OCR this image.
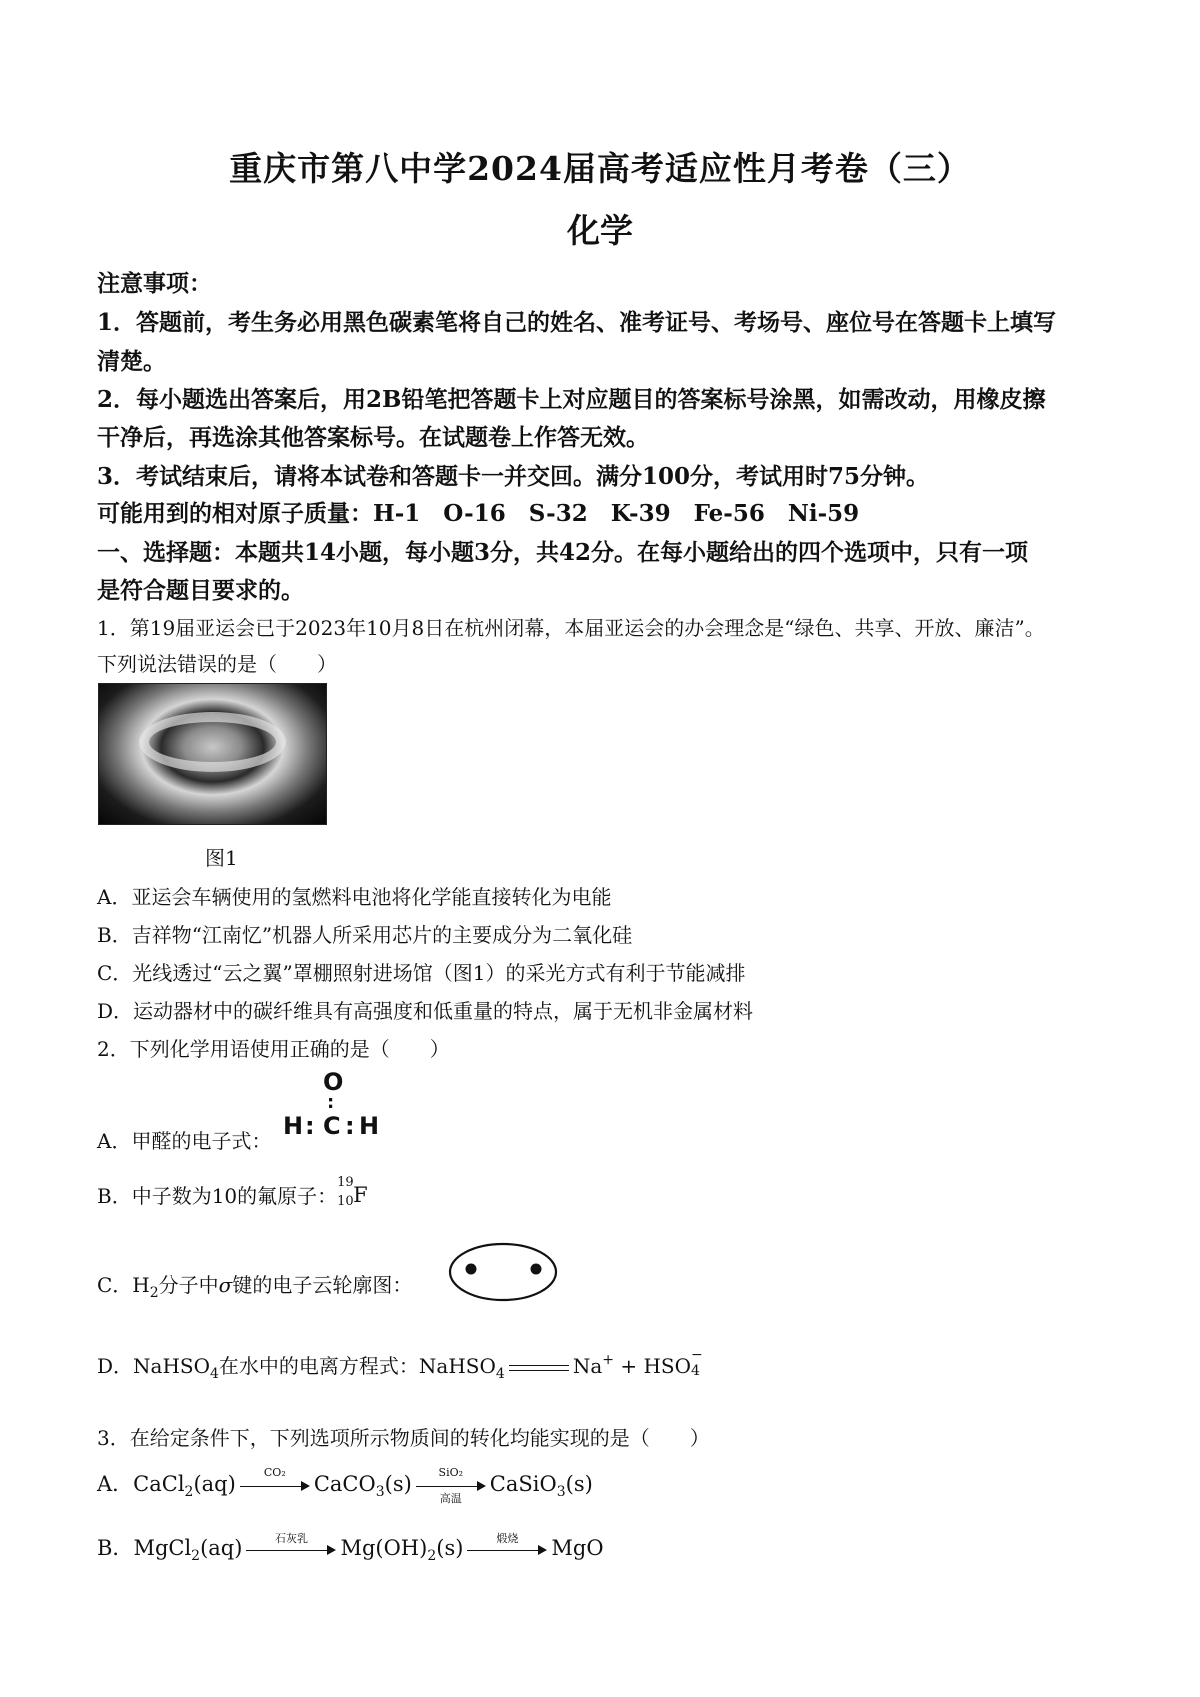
重庆市第八中学2024届高考适应性月考卷（三）
化学
注意事项：
1．答题前，考生务必用黑色碳素笔将自己的姓名、准考证号、考场号、座位号在答题卡上填写
清楚。
2．每小题选出答案后，用2B铅笔把答题卡上对应题目的答案标号涂黑，如需改动，用橡皮擦
干净后，再选涂其他答案标号。在试题卷上作答无效。
3．考试结束后，请将本试卷和答题卡一并交回。满分100分，考试用时75分钟。
可能用到的相对原子质量：H-1　O-16　S-32　K-39　Fe-56　Ni-59
一、选择题：本题共14小题，每小题3分，共42分。在每小题给出的四个选项中，只有一项
是符合题目要求的。
1．第19届亚运会已于2023年10月8日在杭州闭幕，本届亚运会的办会理念是“绿色、共享、开放、廉洁”。
下列说法错误的是（　　）
图1
A．亚运会车辆使用的氢燃料电池将化学能直接转化为电能
B．吉祥物“江南忆”机器人所采用芯片的主要成分为二氧化硅
C．光线透过“云之翼”罩棚照射进场馆（图1）的采光方式有利于节能减排
D．运动器材中的碳纤维具有高强度和低重量的特点，属于无机非金属材料
2．下列化学用语使用正确的是（　　）
A．甲醛的电子式：
O
:
H : C : H
B．中子数为10的氟原子：
19
10 F
C．$H_2$分子中σ键的电子云轮廓图：
D．NaHSO$_4$在水中的电离方程式：NaHSO$_4$	Na+ + HSO −
4
3．在给定条件下，下列选项所示物质间的转化均能实现的是（　　）
A．CaCl$_2$(aq)	CO₂	CaCO$_3$(s)	SiO₂
高温
CaSiO$_3$(s)
B．MgCl$_2$(aq)	石灰乳	$Mg(OH)_2(s)$	煅烧	MgO
